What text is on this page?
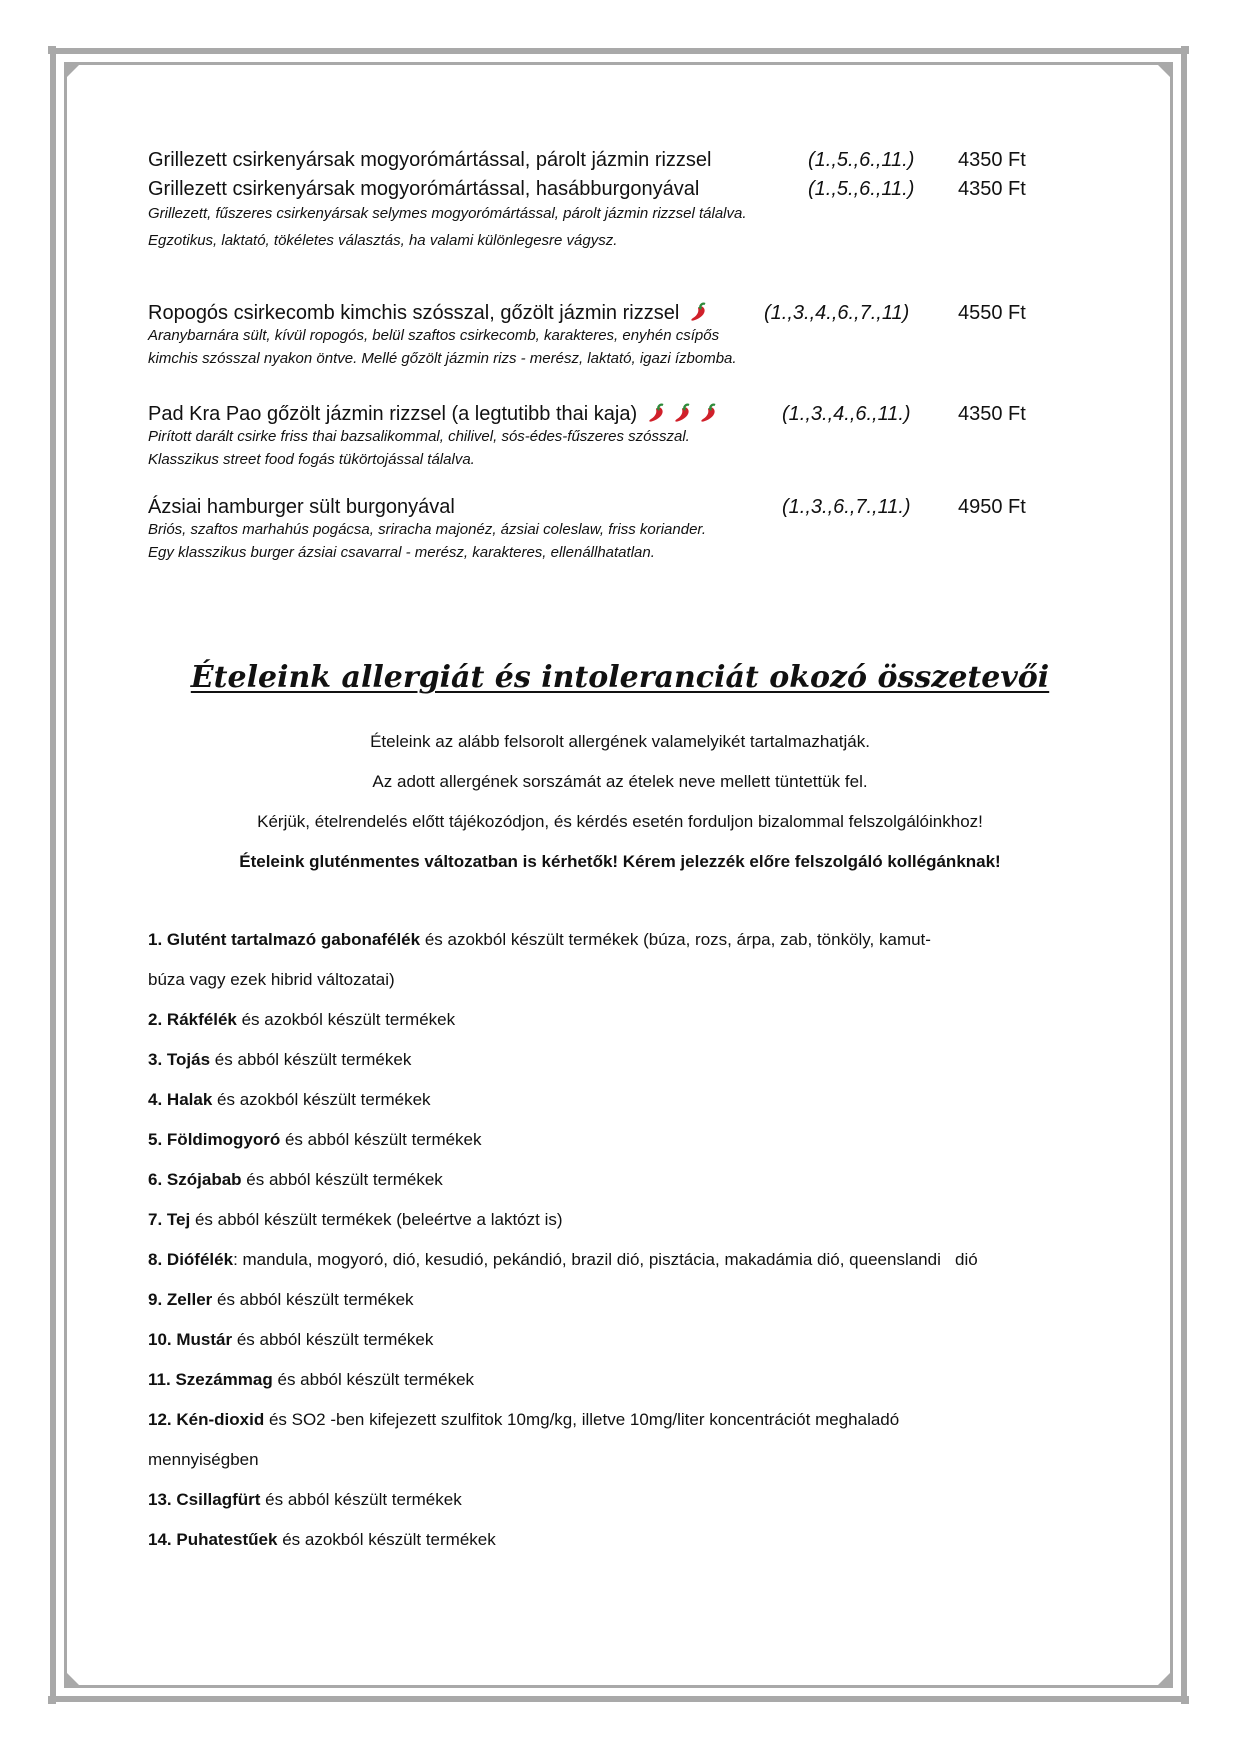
Grillezett csirkenyársak mogyorómártással, párolt jázmin rizzsel	(1.,5.,6.,11.) 4350 Ft
Grillezett csirkenyársak mogyorómártással, hasábburgonyával	(1.,5.,6.,11.) 4350 Ft
Grillezett, fűszeres csirkenyársak selymes mogyorómártással, párolt jázmin rizzsel tálalva.
Egzotikus, laktató, tökéletes választás, ha valami különlegesre vágysz.
Ropogós csirkecomb kimchis szósszal, gőzölt jázmin rizzsel	(1.,3.,4.,6.,7.,11) 4550 Ft
Aranybarnára sült, kívül ropogós, belül szaftos csirkecomb, karakteres, enyhén csípős
kimchis szósszal nyakon öntve. Mellé gőzölt jázmin rizs - merész, laktató, igazi ízbomba.
Pad Kra Pao gőzölt jázmin rizzsel (a legtutibb thai kaja)	(1.,3.,4.,6.,11.) 4350 Ft
Pirított darált csirke friss thai bazsalikommal, chilivel, sós-édes-fűszeres szósszal.
Klasszikus street food fogás tükörtojással tálalva.
Ázsiai hamburger sült burgonyával	(1.,3.,6.,7.,11.) 4950 Ft
Briós, szaftos marhahús pogácsa, sriracha majonéz, ázsiai coleslaw, friss koriander.
Egy klasszikus burger ázsiai csavarral - merész, karakteres, ellenállhatatlan.
Ételeink allergiát és intoleranciát okozó összetevői

Ételeink az alább felsorolt allergének valamelyikét tartalmazhatják.

Az adott allergének sorszámát az ételek neve mellett tüntettük fel.

Kérjük, ételrendelés előtt tájékozódjon, és kérdés esetén forduljon bizalommal felszolgálóinkhoz!

Ételeink gluténmentes változatban is kérhetők! Kérem jelezzék előre felszolgáló kollégánknak!

1. Glutént tartalmazó gabonafélék és azokból készült termékek (búza, rozs, árpa, zab, tönköly, kamut-
búza vagy ezek hibrid változatai)
2. Rákfélék és azokból készült termékek
3. Tojás és abból készült termékek
4. Halak és azokból készült termékek
5. Földimogyoró és abból készült termékek
6. Szójabab és abból készült termékek
7. Tej és abból készült termékek (beleértve a laktózt is)
8. Diófélék: mandula, mogyoró, dió, kesudió, pekándió, brazil dió, pisztácia, makadámia dió, queenslandi   dió
9. Zeller és abból készült termékek
10. Mustár és abból készült termékek
11. Szezámmag és abból készült termékek
12. Kén-dioxid és SO2 -ben kifejezett szulfitok 10mg/kg, illetve 10mg/liter koncentrációt meghaladó
mennyiségben
13. Csillagfürt és abból készült termékek
14. Puhatestűek és azokból készült termékek
